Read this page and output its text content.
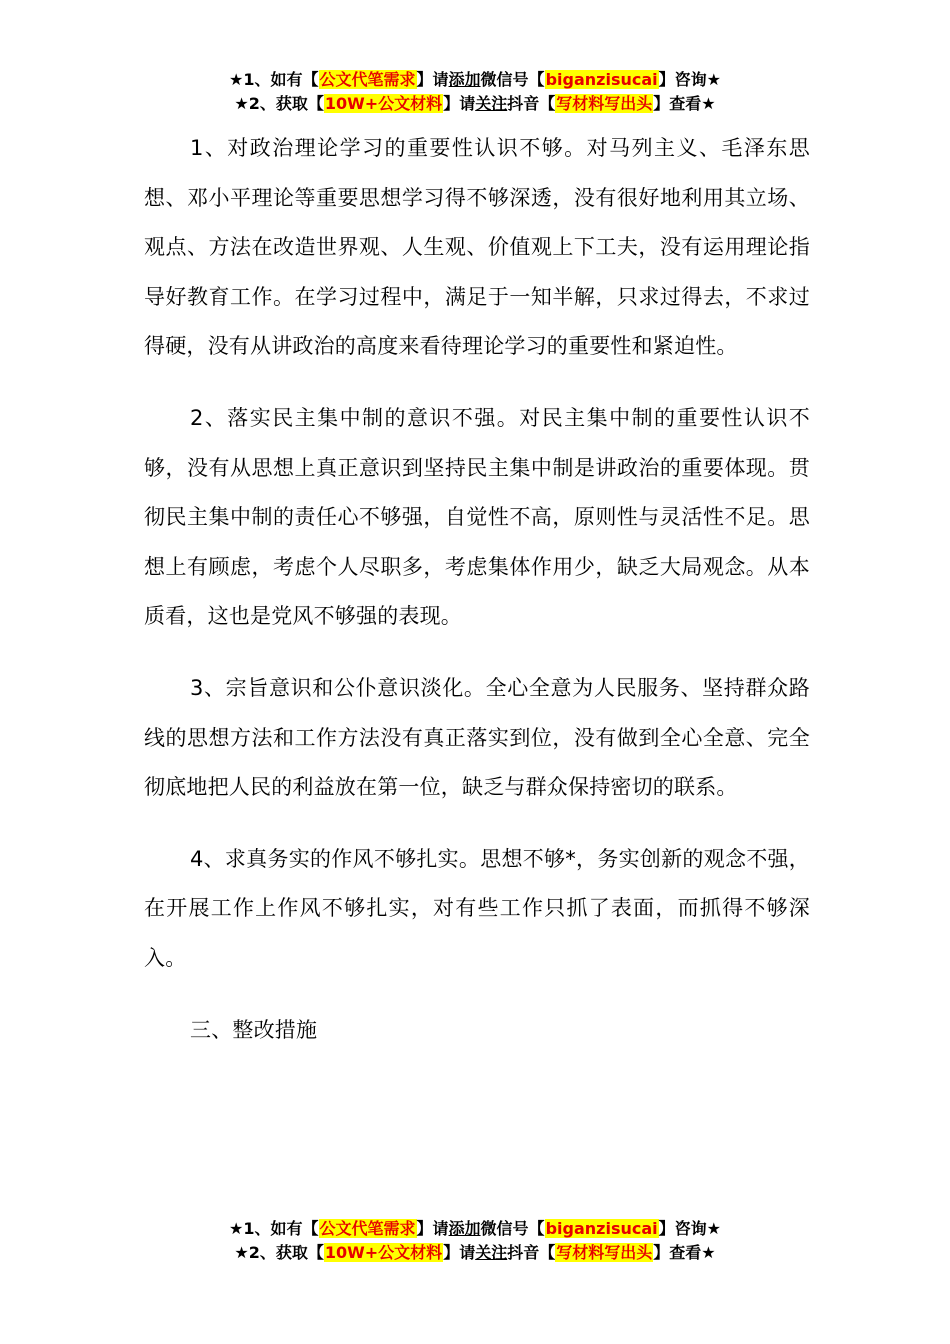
★1、如有【公文代笔需求】请添加微信号【biganzisucai】咨询★
★2、获取【10W+公文材料】请关注抖音【写材料写出头】查看★

1、对政治理论学习的重要性认识不够。对马列主义、毛泽东思想、邓小平理论等重要思想学习得不够深透，没有很好地利用其立场、观点、方法在改造世界观、人生观、价值观上下工夫，没有运用理论指导好教育工作。在学习过程中，满足于一知半解，只求过得去，不求过得硬，没有从讲政治的高度来看待理论学习的重要性和紧迫性。

2、落实民主集中制的意识不强。对民主集中制的重要性认识不够，没有从思想上真正意识到坚持民主集中制是讲政治的重要体现。贯彻民主集中制的责任心不够强，自觉性不高，原则性与灵活性不足。思想上有顾虑，考虑个人尽职多，考虑集体作用少，缺乏大局观念。从本质看，这也是党风不够强的表现。

3、宗旨意识和公仆意识淡化。全心全意为人民服务、坚持群众路线的思想方法和工作方法没有真正落实到位，没有做到全心全意、完全彻底地把人民的利益放在第一位，缺乏与群众保持密切的联系。

4、求真务实的作风不够扎实。思想不够*，务实创新的观念不强，在开展工作上作风不够扎实，对有些工作只抓了表面，而抓得不够深入。

三、整改措施

★1、如有【公文代笔需求】请添加微信号【biganzisucai】咨询★
★2、获取【10W+公文材料】请关注抖音【写材料写出头】查看★
